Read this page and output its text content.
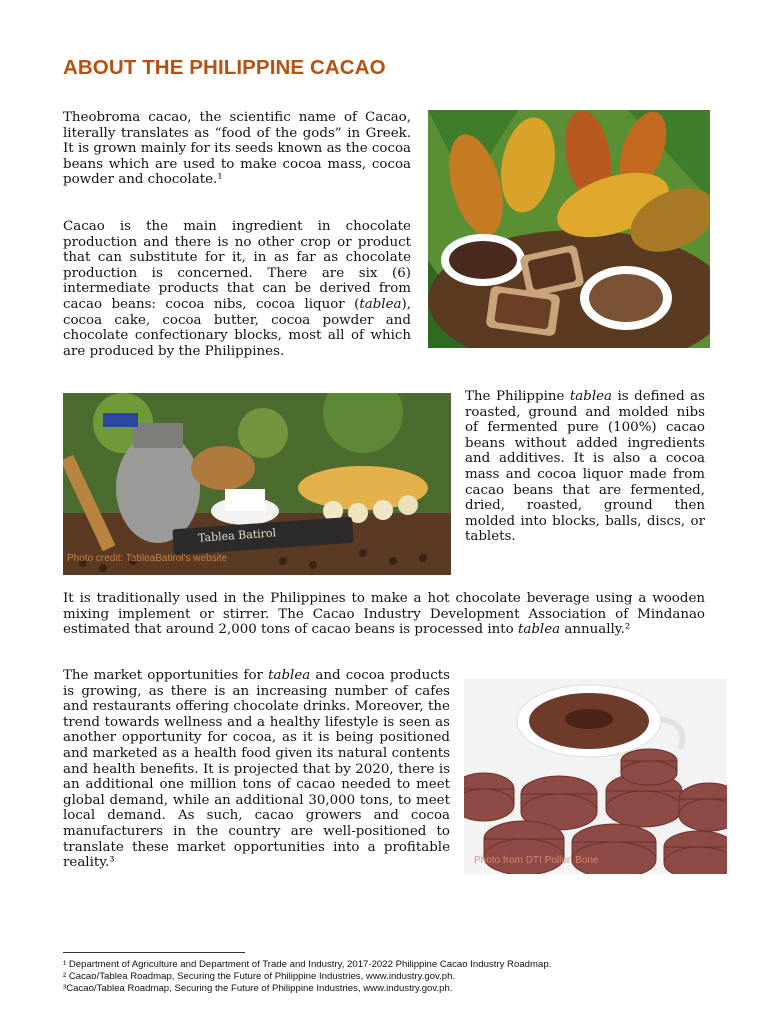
ABOUT THE PHILIPPINE CACAO

Theobroma cacao, the scientific name of Cacao, literally translates as “food of the gods” in Greek. It is grown mainly for its seeds known as the cocoa beans which are used to make cocoa mass, cocoa powder and chocolate.¹

Cacao is the main ingredient in chocolate production and there is no other crop or product that can substitute for it, in as far as chocolate production is concerned. There are six (6) intermediate products that can be derived from cacao beans: cocoa nibs, cocoa liquor (tablea), cocoa cake, cocoa butter, cocoa powder and chocolate confectionary blocks, most all of which are produced by the Philippines.

Tablea Batirol
Photo credit: TableaBatirol's website

The Philippine tablea is defined as roasted, ground and molded nibs of fermented pure (100%) cacao beans without added ingredients and additives. It is also a cocoa mass and cocoa liquor made from cacao beans that are fermented, dried, roasted, ground then molded into blocks, balls, discs, or tablets.

It is traditionally used in the Philippines to make a hot chocolate beverage using a wooden mixing implement or stirrer. The Cacao Industry Development Association of Mindanao estimated that around 2,000 tons of cacao beans is processed into tablea annually.²

The market opportunities for tablea and cocoa products is growing, as there is an increasing number of cafes and restaurants offering chocolate drinks. Moreover, the trend towards wellness and a healthy lifestyle is seen as another opportunity for cocoa, as it is being positioned and marketed as a health food given its natural contents and health benefits. It is projected that by 2020, there is an additional one million tons of cacao needed to meet global demand, while an additional 30,000 tons, to meet local demand. As such, cacao growers and cocoa manufacturers in the country are well-positioned to translate these market opportunities into a profitable reality.³	Photo from DTI Pollon Bone
¹ Department of Agriculture and Department of Trade and Industry, 2017-2022 Philippine Cacao Industry Roadmap.
² Cacao/Tablea Roadmap, Securing the Future of Philippine Industries, www.industry.gov.ph.
³Cacao/Tablea Roadmap, Securing the Future of Philippine Industries, www.industry.gov.ph.
